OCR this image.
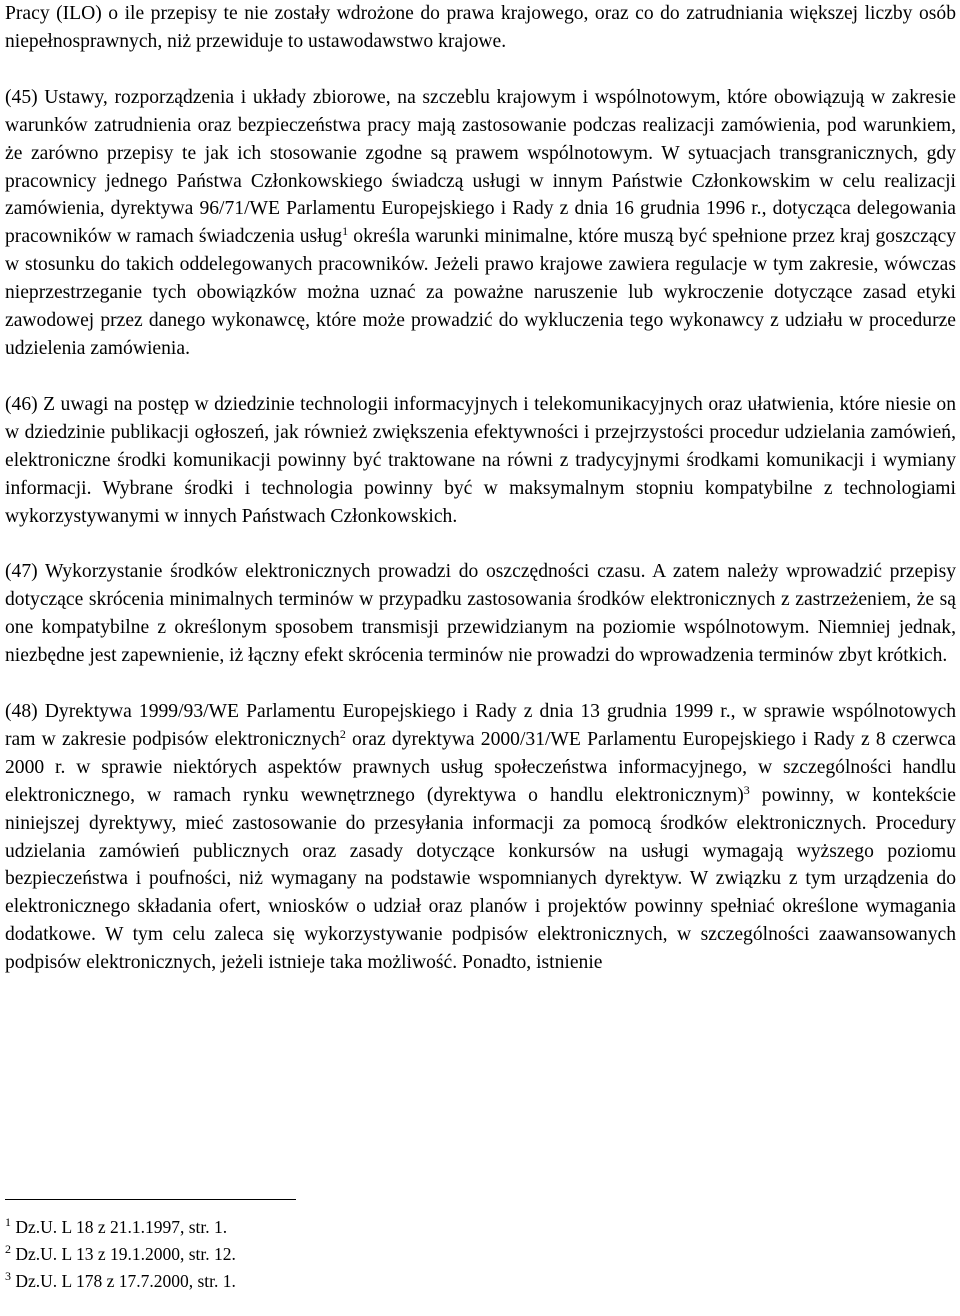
Pracy (ILO) o ile przepisy te nie zostały wdrożone do prawa krajowego, oraz co do zatrudniania większej liczby osób niepełnosprawnych, niż przewiduje to ustawodawstwo krajowe.

(45) Ustawy, rozporządzenia i układy zbiorowe, na szczeblu krajowym i wspólnotowym, które obowiązują w zakresie warunków zatrudnienia oraz bezpieczeństwa pracy mają zastosowanie podczas realizacji zamówienia, pod warunkiem, że zarówno przepisy te jak ich stosowanie zgodne są prawem wspólnotowym. W sytuacjach transgranicznych, gdy pracownicy jednego Państwa Członkowskiego świadczą usługi w innym Państwie Członkowskim w celu realizacji zamówienia, dyrektywa 96/71/WE Parlamentu Europejskiego i Rady z dnia 16 grudnia 1996 r., dotycząca delegowania pracowników w ramach świadczenia usług$^1$ określa warunki minimalne, które muszą być spełnione przez kraj goszczący w stosunku do takich oddelegowanych pracowników. Jeżeli prawo krajowe zawiera regulacje w tym zakresie, wówczas nieprzestrzeganie tych obowiązków można uznać za poważne naruszenie lub wykroczenie dotyczące zasad etyki zawodowej przez danego wykonawcę, które może prowadzić do wykluczenia tego wykonawcy z udziału w procedurze udzielenia zamówienia.

(46) Z uwagi na postęp w dziedzinie technologii informacyjnych i telekomunikacyjnych oraz ułatwienia, które niesie on w dziedzinie publikacji ogłoszeń, jak również zwiększenia efektywności i przejrzystości procedur udzielania zamówień, elektroniczne środki komunikacji powinny być traktowane na równi z tradycyjnymi środkami komunikacji i wymiany informacji. Wybrane środki i technologia powinny być w maksymalnym stopniu kompatybilne z technologiami wykorzystywanymi w innych Państwach Członkowskich.

(47) Wykorzystanie środków elektronicznych prowadzi do oszczędności czasu. A zatem należy wprowadzić przepisy dotyczące skrócenia minimalnych terminów w przypadku zastosowania środków elektronicznych z zastrzeżeniem, że są one kompatybilne z określonym sposobem transmisji przewidzianym na poziomie wspólnotowym. Niemniej jednak, niezbędne jest zapewnienie, iż łączny efekt skrócenia terminów nie prowadzi do wprowadzenia terminów zbyt krótkich.

(48) Dyrektywa 1999/93/WE Parlamentu Europejskiego i Rady z dnia 13 grudnia 1999 r., w sprawie wspólnotowych ram w zakresie podpisów elektronicznych$^2$ oraz dyrektywa 2000/31/WE Parlamentu Europejskiego i Rady z 8 czerwca 2000 r. w sprawie niektórych aspektów prawnych usług społeczeństwa informacyjnego, w szczególności handlu elektronicznego, w ramach rynku wewnętrznego (dyrektywa o handlu elektronicznym)$^3$ powinny, w kontekście niniejszej dyrektywy, mieć zastosowanie do przesyłania informacji za pomocą środków elektronicznych. Procedury udzielania zamówień publicznych oraz zasady dotyczące konkursów na usługi wymagają wyższego poziomu bezpieczeństwa i poufności, niż wymagany na podstawie wspomnianych dyrektyw. W związku z tym urządzenia do elektronicznego składania ofert, wniosków o udział oraz planów i projektów powinny spełniać określone wymagania dodatkowe. W tym celu zaleca się wykorzystywanie podpisów elektronicznych, w szczególności zaawansowanych podpisów elektronicznych, jeżeli istnieje taka możliwość. Ponadto, istnienie

$^1$ Dz.U. L 18 z 21.1.1997, str. 1.
$^2$ Dz.U. L 13 z 19.1.2000, str. 12.
$^3$ Dz.U. L 178 z 17.7.2000, str. 1.
